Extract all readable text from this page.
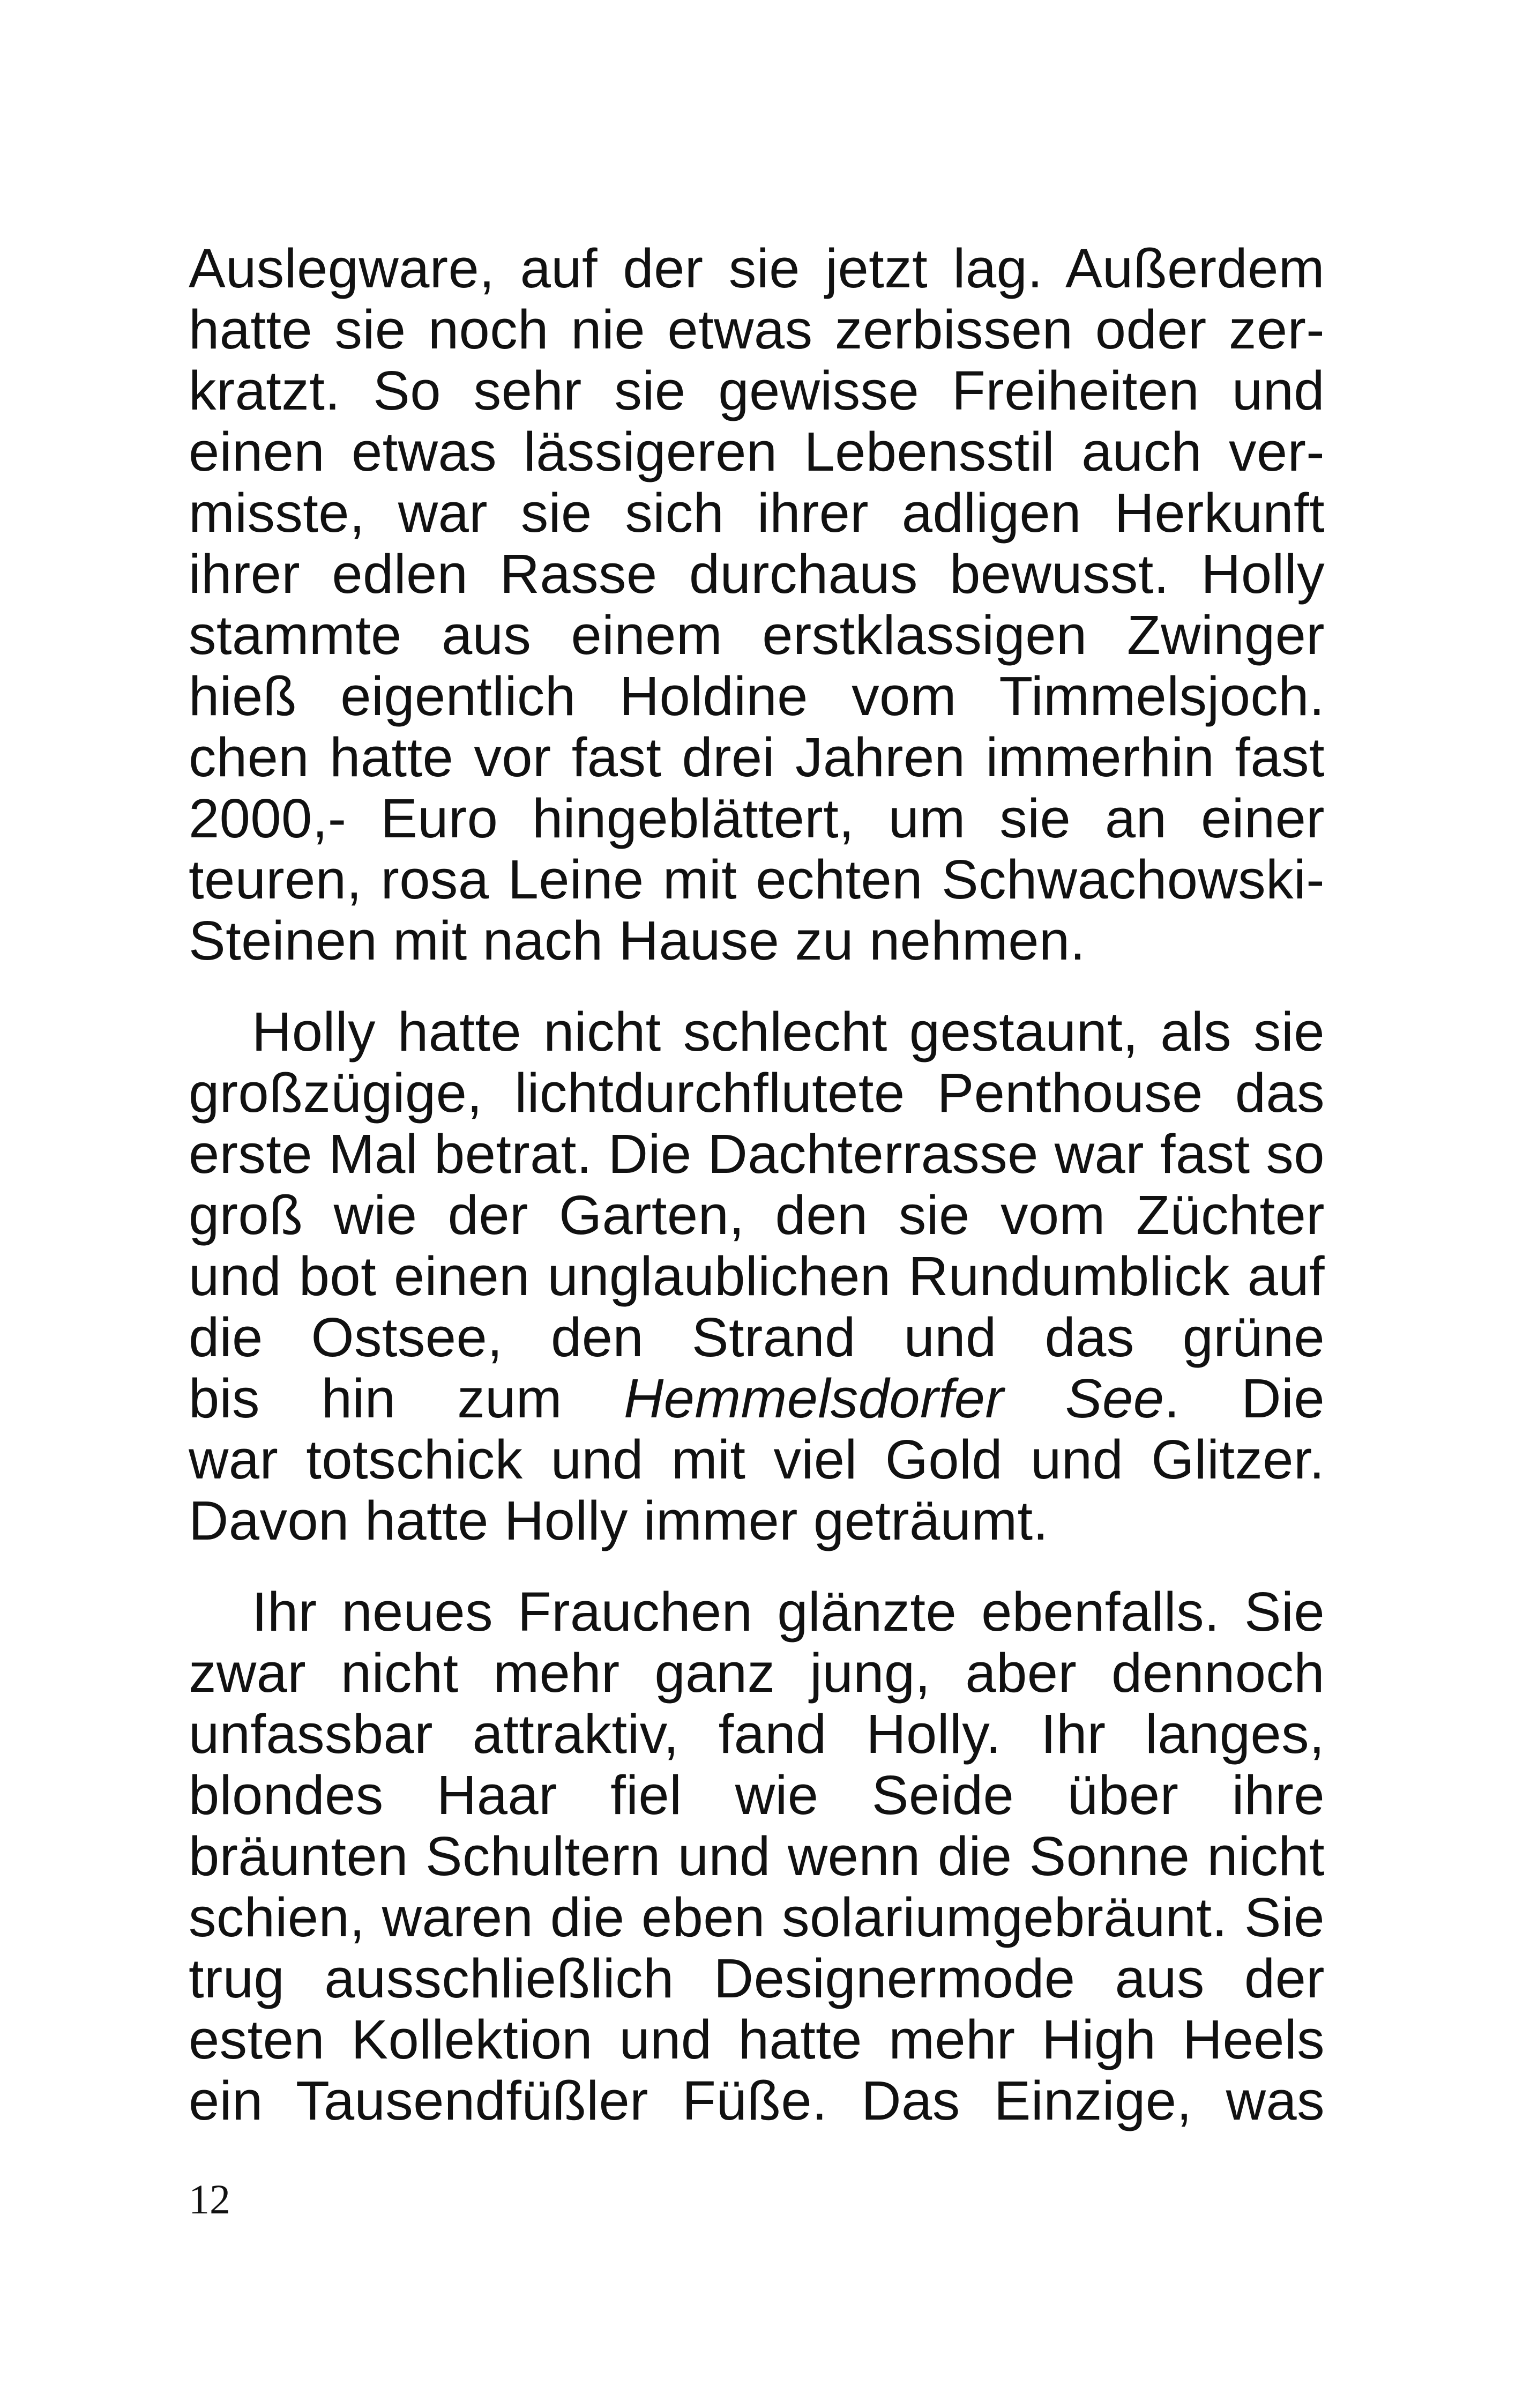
Auslegware, auf der sie jetzt lag. Außerdem
hatte sie noch nie etwas zerbissen oder zer-
kratzt. So sehr sie gewisse Freiheiten und
einen etwas lässigeren Lebensstil auch ver-
misste, war sie sich ihrer adligen Herkunft
ihrer edlen Rasse durchaus bewusst. Holly
stammte aus einem erstklassigen Zwinger
hieß eigentlich Holdine vom Timmelsjoch.
chen hatte vor fast drei Jahren immerhin fast
2000,- Euro hingeblättert, um sie an einer
teuren, rosa Leine mit echten Schwachowski-
Steinen mit nach Hause zu nehmen.
Holly hatte nicht schlecht gestaunt, als sie
großzügige, lichtdurchflutete Penthouse das
erste Mal betrat. Die Dachterrasse war fast so
groß wie der Garten, den sie vom Züchter
und bot einen unglaublichen Rundumblick auf
die Ostsee, den Strand und das grüne
bis hin zum Hemmelsdorfer See. Die
war totschick und mit viel Gold und Glitzer.
Davon hatte Holly immer geträumt.
Ihr neues Frauchen glänzte ebenfalls. Sie
zwar nicht mehr ganz jung, aber dennoch
unfassbar attraktiv, fand Holly. Ihr langes,
blondes Haar fiel wie Seide über ihre
bräunten Schultern und wenn die Sonne nicht
schien, waren die eben solariumgebräunt. Sie
trug ausschließlich Designermode aus der
esten Kollektion und hatte mehr High Heels
ein Tausendfüßler Füße. Das Einzige, was
12
